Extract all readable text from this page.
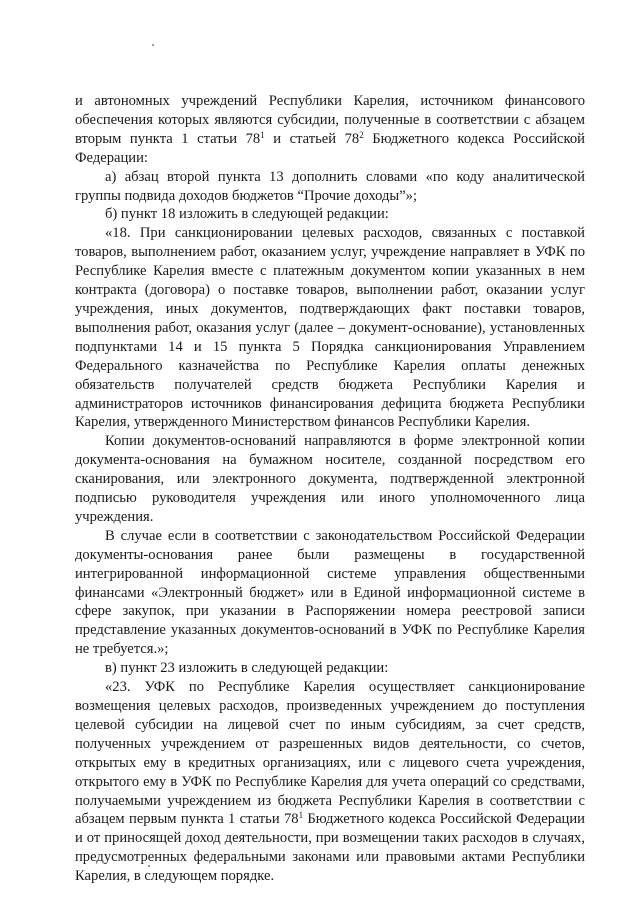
и автономных учреждений Республики Карелия, источником финансового обеспечения которых являются субсидии, полученные в соответствии с абзацем вторым пункта 1 статьи $78^1$ и статьей $78^2$ Бюджетного кодекса Российской Федерации:

а) абзац второй пункта 13 дополнить словами «по коду аналитической группы подвида доходов бюджетов “Прочие доходы”»;

б) пункт 18 изложить в следующей редакции:

«18. При санкционировании целевых расходов, связанных с поставкой товаров, выполнением работ, оказанием услуг, учреждение направляет в УФК по Республике Карелия вместе с платежным документом копии указанных в нем контракта (договора) о поставке товаров, выполнении работ, оказании услуг учреждения, иных документов, подтверждающих факт поставки товаров, выполнения работ, оказания услуг (далее – документ-основание), установленных подпунктами 14 и 15 пункта 5 Порядка санкционирования Управлением Федерального казначейства по Республике Карелия оплаты денежных обязательств получателей средств бюджета Республики Карелия и администраторов источников финансирования дефицита бюджета Республики Карелия, утвержденного Министерством финансов Республики Карелия.

Копии документов-оснований направляются в форме электронной копии документа-основания на бумажном носителе, созданной посредством его сканирования, или электронного документа, подтвержденной электронной подписью руководителя учреждения или иного уполномоченного лица учреждения.

В случае если в соответствии с законодательством Российской Федерации документы-основания ранее были размещены в государственной интегрированной информационной системе управления общественными финансами «Электронный бюджет» или в Единой информационной системе в сфере закупок, при указании в Распоряжении номера реестровой записи представление указанных документов-оснований в УФК по Республике Карелия не требуется.»;

в) пункт 23 изложить в следующей редакции:

«23. УФК по Республике Карелия осуществляет санкционирование возмещения целевых расходов, произведенных учреждением до поступления целевой субсидии на лицевой счет по иным субсидиям, за счет средств, полученных учреждением от разрешенных видов деятельности, со счетов, открытых ему в кредитных организациях, или с лицевого счета учреждения, открытого ему в УФК по Республике Карелия для учета операций со средствами, получаемыми учреждением из бюджета Республики Карелия в соответствии с абзацем первым пункта 1 статьи $78^1$ Бюджетного кодекса Российской Федерации и от приносящей доход деятельности, при возмещении таких расходов в случаях, предусмотренных федеральными законами или правовыми актами Республики Карелия, в следующем порядке.
